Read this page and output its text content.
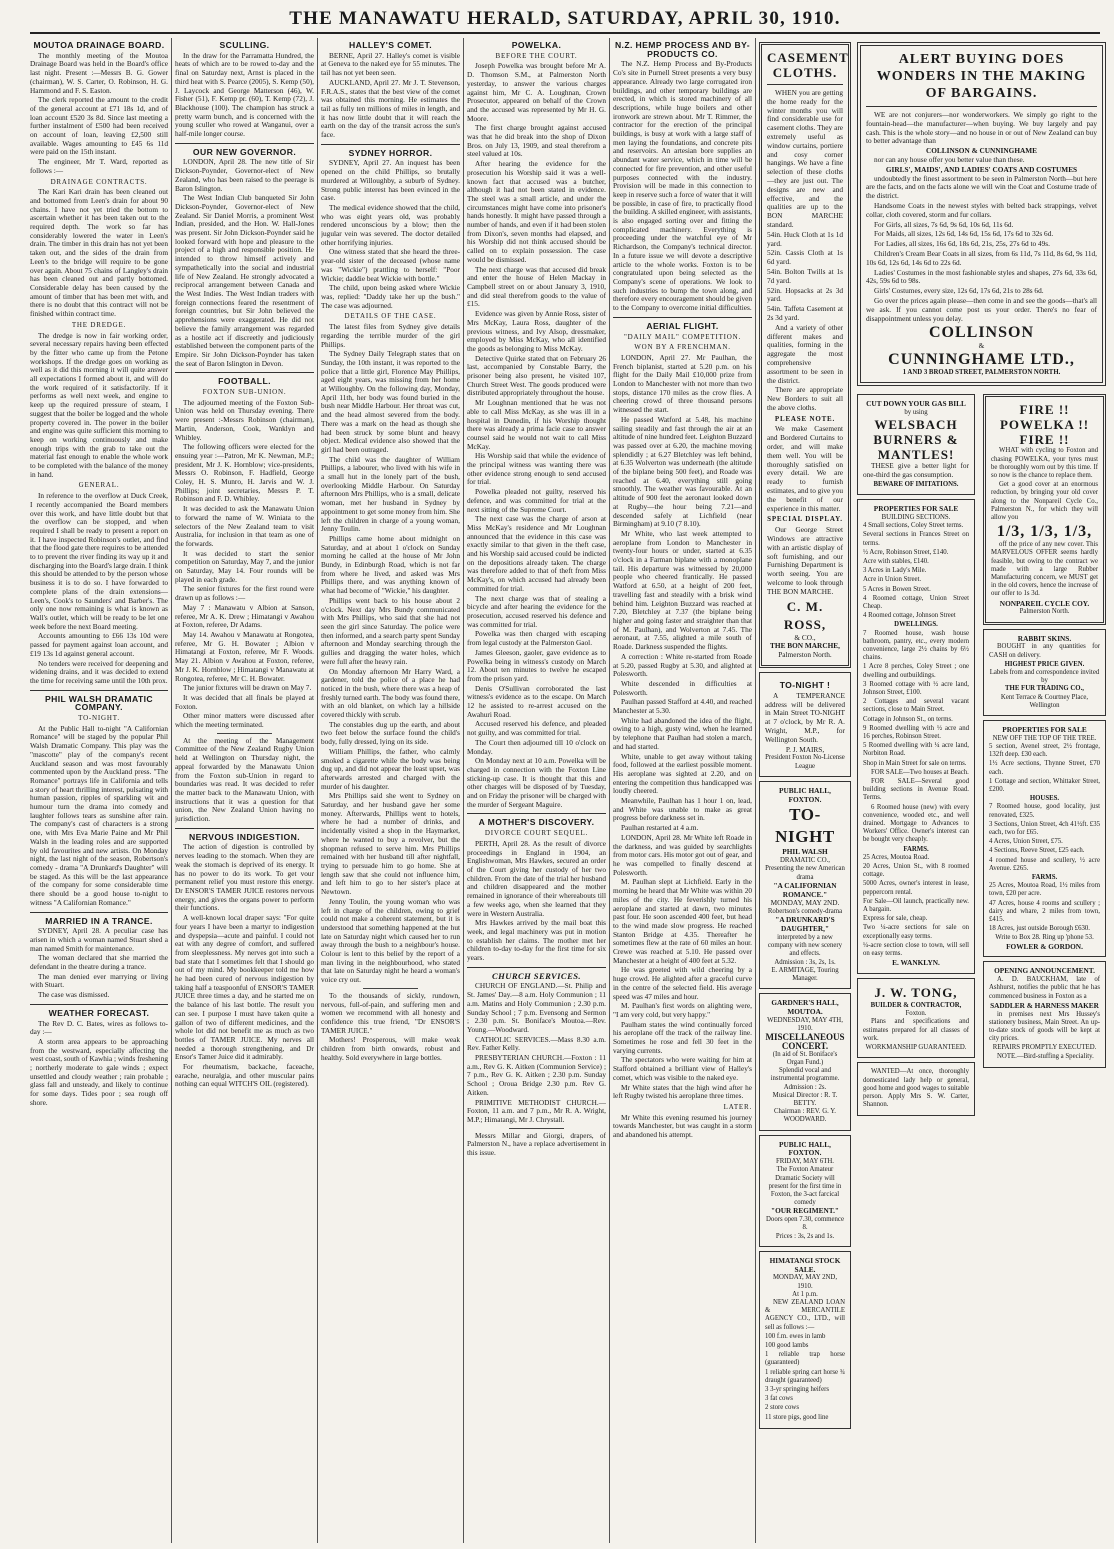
THE MANAWATU HERALD, SATURDAY, APRIL 30, 1910.
MOUTOA DRAINAGE BOARD.

The monthly meeting of the Moutoa Drainage Board was held in the Board's office last night. Present :—Messrs B. G. Gower (chairman), W. S. Carter, O. Robinson, H. G. Hammond and F. S. Easton.

The clerk reported the amount to the credit of the general account at £71 18s 1d, and of loan account £520 3s 8d. Since last meeting a further instalment of £500 had been received on account of loan, leaving £2,500 still available. Wages amounting to £45 6s 11d were paid on the 15th instant.

The engineer, Mr T. Ward, reported as follows :—

DRAINAGE CONTRACTS.

The Kari Kari drain has been cleaned out and bottomed from Leen's drain for about 90 chains. I have not yet tried the bottom to ascertain whether it has been taken out to the required depth. The work so far has considerably lowered the water in Leen's drain. The timber in this drain has not yet been taken out, and the sides of the drain from Leen's to the bridge will require to be gone over again. About 75 chains of Langley's drain has been cleaned out and partly bottomed. Considerable delay has been caused by the amount of timber that has been met with, and there is no doubt that this contract will not be finished within contract time.

THE DREDGE.

The dredge is now in fair working order, several necessary repairs having been effected by the fitter who came up from the Petone workshops. If the dredge goes on working as well as it did this morning it will quite answer all expectations I formed about it, and will do the work required of it satisfactorily. If it performs as well next week, and engine to keep up the required pressure of steam, I suggest that the boiler be logged and the whole property covered in. The power in the boiler and engine was quite sufficient this morning to keep on working continuously and make enough trips with the grab to take out the material fast enough to enable the whole work to be completed with the balance of the money in hand.

GENERAL.

In reference to the overflow at Duck Creek, I recently accompanied the Board members over this work, and have little doubt but that the overflow can be stopped, and when required I shall be ready to present a report on it. I have inspected Robinson's outlet, and find that the flood gate there requires to be attended to to prevent the river finding its way up it and discharging into the Board's large drain. I think this should be attended to by the person whose business it is to do so. I have forwarded to complete plans of the drain extensions—Leen's, Cook's to Saunders' and Barber's. The only one now remaining is what is known as Wall's outlet, which will be ready to be let one week before the next Board meeting.

Accounts amounting to £66 13s 10d were passed for payment against loan account, and £19 13s 1d against general account.

No tenders were received for deepening and widening drains, and it was decided to extend the time for receiving same until the 10th prox.

PHIL WALSH DRAMATIC COMPANY.
TO-NIGHT.

At the Public Hall to-night "A Californian Romance" will be staged by the popular Phil Walsh Dramatic Company. This play was the "mascotte" play of the company's recent Auckland season and was most favourably commented upon by the Auckland press. "The Romance" portrays life in California and tells a story of heart thrilling interest, pulsating with human passion, ripples of sparkling wit and humour turn the drama into comedy and laughter follows tears as sunshine after rain. The company's cast of characters is a strong one, with Mrs Eva Marie Paine and Mr Phil Walsh in the leading roles and are supported by old favourites and new artists. On Monday night, the last night of the season, Robertson's comedy - drama "A Drunkard's Daughter" will be staged. As this will be the last appearance of the company for some considerable time there should be a good house to-night to witness "A Californian Romance."

MARRIED IN A TRANCE.

SYDNEY, April 28. A peculiar case has arisen in which a woman named Stuart shed a man named Smith for maintenance.

The woman declared that she married the defendant in the theatre during a trance.

The man denied ever marrying or living with Stuart.

The case was dismissed.

WEATHER FORECAST.

The Rev D. C. Bates, wires as follows to-day :—

A storm area appears to be approaching from the westward, especially affecting the west coast, south of Kawhia ; winds freshening ; northerly moderate to gale winds ; expect unsettled and cloudy weather ; rain probable ; glass fall and unsteady, and likely to continue for some days. Tides poor ; sea rough off shore.

SCULLING.

In the draw for the Parramatta Hundred, the heats of which are to be rowed to-day and the final on Saturday next, Arnst is placed in the third heat with S. Pearce (2005), S. Kemp (50), J. Laycock and George Matterson (46), W. Fisher (51), F. Kemp pr. (60), T. Kemp (72), J. Blackhouse (100). The champion has struck a pretty warm bunch, and is concerned with the young sculler who rowed at Wanganui, over a half-mile longer course.

OUR NEW GOVERNOR.

LONDON, April 28. The new title of Sir Dickson-Poynder, Governor-elect of New Zealand, who has been raised to the peerage is Baron Islington.

The West Indian Club banqueted Sir John Dickson-Poynder, Governor-elect of New Zealand. Sir Daniel Morris, a prominent West Indian, presided, and the Hon. W. Hall-Jones was present. Sir John Dickson-Poynder said he looked forward with hope and pleasure to the project of a high and responsible position. He intended to throw himself actively and sympathetically into the social and industrial life of New Zealand. He strongly advocated a reciprocal arrangement between Canada and the West Indies. The West Indian traders with foreign connections feared the resentment of foreign countries, but Sir John believed the apprehensions were exaggerated. He did not believe the family arrangement was regarded as a hostile act if discreetly and judiciously established between the component parts of the Empire. Sir John Dickson-Poynder has taken the seat of Baron Islington in Devon.

FOOTBALL.
FOXTON SUB-UNION.

The adjourned meeting of the Foxton Sub-Union was held on Thursday evening. There were present :-Messrs Robinson (chairman), Martin, Anderson, Cook, Wanklyn and Whibley.

The following officers were elected for the ensuing year :—Patron, Mr K. Newman, M.P.; president, Mr J. K. Hornblow; vice-presidents, Messrs O. Robinson, F. Hadfield, George Coley, H. S. Munro, H. Jarvis and W. J. Phillips; joint secretaries, Messrs P. T. Robinson and F. D. Whibley.

It was decided to ask the Manawatu Union to forward the name of W. Winiata to the selectors of the New Zealand team to visit Australia, for inclusion in that team as one of the forwards.

It was decided to start the senior competition on Saturday, May 7, and the junior on Saturday, May 14. Four rounds will be played in each grade.

The senior fixtures for the first round were drawn up as follows :—

May 7 : Manawatu v Albion at Sanson, referee, Mr A. K. Drew ; Himatangi v Awahou at Foxton, referee, Dr Adams.

May 14. Awahou v Manawatu at Rongotea, referee, Mr G. H. Bowater ; Albion v Himatangi at Foxton, referee, Mr F. Woods. May 21. Albion v Awahou at Foxton, referee, Mr J. K. Hornblow ; Himatangi v Manawatu at Rongotea, referee, Mr C. H. Bowater.

The junior fixtures will be drawn on May 7.

It was decided that all finals be played at Foxton.

Other minor matters were discussed after which the meeting terminated.

At the meeting of the Management Committee of the New Zealand Rugby Union held at Wellington on Thursday night, the appeal forwarded by the Manawatu Union from the Foxton sub-Union in regard to boundaries was read. It was decided to refer the matter back to the Manawatu Union, with instructions that it was a question for that union, the New Zealand Union having no jurisdiction.

NERVOUS INDIGESTION.

The action of digestion is controlled by nerves leading to the stomach. When they are weak the stomach is deprived of its energy. It has no power to do its work. To get vour permanent relief you must restore this energy. Dr ENSOR'S TAMER JUICE restores nervous energy, and gives the organs power to perform their functions.

A well-known local draper says: "For quite four years I have been a martyr to indigestion and dyspepsia—acute and painful. I could not eat with any degree of comfort, and suffered from sleeplessness. My nerves got into such a bad state that I sometimes felt that I should go out of my mind. My bookkeeper told me how he had been cured of nervous indigestion by taking half a teaspoonful of ENSOR'S TAMER JUICE three times a day, and he started me on the balance of his last bottle. The result you can see. I purpose I must have taken quite a gallon of two of different medicines, and the whole lot did not benefit me as much as two bottles of TAMER JUICE. My nerves all needed a thorough strengthening, and Dr Ensor's Tamer Juice did it admirably.

For rheumatism, backache, faceache, earache, neuralgia, and other muscular pains nothing can equal WITCH'S OIL (registered).

HALLEY'S COMET.

BERNE, April 27. Halley's comet is visible at Geneva to the naked eye for 55 minutes. The tail has not yet been seen.

AUCKLAND, April 27. Mr J. T. Stevenson, F.R.A.S., states that the best view of the comet was obtained this morning. He estimates the tail as fully ten millions of miles in length, and it has now little doubt that it will reach the earth on the day of the transit across the sun's face.

SYDNEY HORROR.

SYDNEY, April 27. An inquest has been opened on the child Phillips, so brutally murdered at Willoughby, a suburb of Sydney. Strong public interest has been evinced in the case.

The medical evidence showed that the child, who was eight years old, was probably rendered unconscious by a blow; then the jugular vein was severed. The doctor detailed other horrifying injuries.

One witness stated that she heard the three-year-old sister of the deceased (whose name was "Wickie") prattling to herself: "Poor Wickie; daddie beat Wickie with bottle."

The child, upon being asked where Wickie was, replied: "Daddy take her up the bush." The case was adjourned.

DETAILS OF THE CASE.

The latest files from Sydney give details regarding the terrible murder of the girl Phillips.

The Sydney Daily Telegraph states that on Sunday, the 10th instant, it was reported to the police that a little girl, Florence May Phillips, aged eight years, was missing from her home at Willoughby. On the following day, Monday, April 11th, her body was found buried in the bush near Middle Harbour. Her throat was cut, and the head almost severed from the body. There was a mark on the head as though she had been struck by some blunt and heavy object. Medical evidence also showed that the girl had been outraged.

The child was the daughter of William Phillips, a labourer, who lived with his wife in a small hut in the lonely part of the bush, overlooking Middle Harbour. On Saturday afternoon Mrs Phillips, who is a small, delicate woman, met her husband in Sydney by appointment to get some money from him. She left the children in charge of a young woman, Jenny Toulin.

Phillips came home about midnight on Saturday, and at about 1 o'clock on Sunday morning he called at the house of Mr John Bundy, in Edinburgh Road, which is not far from where he lived, and asked was Mrs Phillips there, and was anything known of what had become of "Wickie," his daughter.

Phillips went back to his house about 2 o'clock. Next day Mrs Bundy communicated with Mrs Phillips, who said that she had not seen the girl since Saturday. The police were then informed, and a search party spent Sunday afternoon and Monday searching through the gullies and dragging the water holes, which were full after the heavy rain.

On Monday afternoon Mr Harry Ward, a gardener, told the police of a place he had noticed in the bush, where there was a heap of freshly turned earth. The body was found there, with an old blanket, on which lay a hillside covered thickly with scrub.

The constables dug up the earth, and about two feet below the surface found the child's body, fully dressed, lying on its side.

William Phillips, the father, who calmly smoked a cigarette while the body was being dug up, and did not appear the least upset, was afterwards arrested and charged with the murder of his daughter.

Mrs Phillips said she went to Sydney on Saturday, and her husband gave her some money. Afterwards, Phillips went to hotels, where he had a number of drinks, and incidentally visited a shop in the Haymarket, where he wanted to buy a revolver, but the shopman refused to serve him. Mrs Phillips remained with her husband till after nightfall, trying to persuade him to go home. She at length saw that she could not influence him, and left him to go to her sister's place at Newtown.

Jenny Toulin, the young woman who was left in charge of the children, owing to grief could not make a coherent statement, but it is understood that something happened at the hut late on Saturday night which caused her to run away through the bush to a neighbour's house. Colour is lent to this belief by the report of a man living in the neighbourhood, who stated that late on Saturday night he heard a woman's voice cry out.

To the thousands of sickly, rundown, nervous, full-of-pain, and suffering men and women we recommend with all honesty and confidence this true friend, "Dr ENSOR'S TAMER JUICE."

Mothers! Prosperous, will make weak children from birth onwards, robust and healthy. Sold everywhere in large bottles.

POWELKA.
BEFORE THE COURT.

Joseph Powelka was brought before Mr A. D. Thomson S.M., at Palmerston North yesterday, to answer the various charges against him, Mr C. A. Loughnan, Crown Prosecutor, appeared on behalf of the Crown and the accused was represented by Mr H. G. Moore.

The first charge brought against accused was that he did break into the shop of Dixon Bros. on July 13, 1909, and steal therefrom a steel valued at 10s.

After hearing the evidence for the prosecution his Worship said it was a well-known fact that accused was a butcher, although it had not been stated in evidence. The steel was a small article, and under the circumstances might have come into prisoner's hands honestly. It might have passed through a number of hands, and even if it had been stolen from Dixon's, seven months had elapsed, and his Worship did not think accused should be called on to explain possession. The case would be dismissed.

The next charge was that accused did break and enter the house of Helen Mackay in Campbell street on or about January 3, 1910, and did steal therefrom goods to the value of £15.

Evidence was given by Annie Ross, sister of Mrs McKay, Laura Ross, daughter of the previous witness, and Ivy Alsop, dressmaker, employed by Miss McKay, who all identified the goods as belonging to Miss McKay.

Detective Quirke stated that on February 26 last, accompanied by Constable Barry, the prisoner being also present, he visited 107, Church Street West. The goods produced were distributed appropriately throughout the house.

Mr Loughnan mentioned that he was not able to call Miss McKay, as she was ill in a hospital in Dunedin, if his Worship thought there was already a prima facie case to answer counsel said he would not wait to call Miss McKay.

His Worship said that while the evidence of the principal witness was wanting there was other evidence strong enough to send accused for trial.

Powelka pleaded not guilty, reserved his defence, and was committed for trial at the next sitting of the Supreme Court.

The next case was the charge of arson at Miss McKay's residence and Mr Loughnan announced that the evidence in this case was exactly similar to that given in the theft case, and his Worship said accused could be indicted on the depositions already taken. The charge was therefore added to that of theft from Miss McKay's, on which accused had already been committed for trial.

The next charge was that of stealing a bicycle and after hearing the evidence for the prosecution, accused reserved his defence and was committed for trial.

Powelka was then charged with escaping from legal custody at the Palmerston Gaol.

James Gleeson, gaoler, gave evidence as to Powelka being in witness's custody on March 12. About ten minutes to twelve he escaped from the prison yard.

Denis O'Sullivan corroborated the last witness's evidence as to the escape. On March 12 he assisted to re-arrest accused on the Awahuri Road.

Accused reserved his defence, and pleaded not guilty, and was committed for trial.

The Court then adjourned till 10 o'clock on Monday.

On Monday next at 10 a.m. Powelka will be charged in connection with the Foxton Line sticking-up case. It is thought that this and other charges will be disposed of by Tuesday, and on Friday the prisoner will be charged with the murder of Sergeant Maguire.

A MOTHER'S DISCOVERY.
DIVORCE COURT SEQUEL.

PERTH, April 28. As the result of divorce proceedings in England in 1904, an Englishwoman, Mrs Hawkes, secured an order of the Court giving her custody of her two children. From the date of the trial her husband and children disappeared and the mother remained in ignorance of their whereabouts till a few weeks ago, when she learned that they were in Western Australia.

Mrs Hawkes arrived by the mail boat this week, and legal machinery was put in motion to establish her claims. The mother met her children to-day to-day for the first time for six years.

CHURCH SERVICES.

CHURCH OF ENGLAND.—St. Philip and St. James' Day.—8 a.m. Holy Communion ; 11 a.m. Matins and Holy Communion ; 2.30 p.m. Sunday School ; 7 p.m. Evensong and Sermon ; 2.30 p.m. St. Boniface's Moutoa.—Rev. Young.—Woodward.

CATHOLIC SERVICES.—Mass 8.30 a.m. Rev. Father Kelly.

PRESBYTERIAN CHURCH.—Foxton : 11 a.m., Rev G. K. Aitken (Communion Service) ; 7 p.m., Rev G. K. Aitken ; 2.30 p.m. Sunday School ; Oroua Bridge 2.30 p.m. Rev G. Aitken.

PRIMITIVE METHODIST CHURCH.—Foxton, 11 a.m. and 7 p.m., Mr R. A. Wright, M.P.; Himatangi, Mr J. Chrystall.

Messrs Millar and Giorgi, drapers, of Palmerston N., have a replace advertisement in this issue.

N.Z. HEMP PROCESS AND BY-PRODUCTS CO.

The N.Z. Hemp Process and By-Products Co's site in Purnell Street presents a very busy appearance. Already two large corrugated iron buildings, and other temporary buildings are erected, in which is stored machinery of all descriptions, while huge boilers and other ironwork are strewn about. Mr T. Rimmer, the contractor for the erection of the principal buildings, is busy at work with a large staff of men laying the foundations, and concrete pits and reservoirs. An artesian bore supplies an abundant water service, which in time will be connected for fire prevention, and other useful purposes connected with the industry. Provision will be made in this connection to keep in reserve such a force of water that it will be possible, in case of fire, to practically flood the building. A skilled engineer, with assistants, is also engaged sorting over and fitting the complicated machinery. Everything is proceeding under the watchful eye of Mr Richardson, the Company's technical director. In a future issue we will devote a descriptive article to the whole works. Foxton is to be congratulated upon being selected as the Company's scene of operations. We look to such industries to bump the town along, and therefore every encouragement should be given to the Company to overcome initial difficulties.

AERIAL FLIGHT.
"DAILY MAIL" COMPETITION.
WON BY A FRENCHMAN.

LONDON, April 27. Mr Paulhan, the French biplanist, started at 5.20 p.m. on his flight for the Daily Mail £10,000 prize from London to Manchester with not more than two stops, distance 170 miles as the crow flies. A cheering crowd of three thousand persons witnessed the start.

He passed Watford at 5.48, his machine sailing steadily and fast through the air at an altitude of nine hundred feet. Leighton Buzzard was passed over at 6.20, the machine moving splendidly ; at 6.27 Bletchley was left behind, at 6.35 Wolverton was underneath (the altitude of the biplane being 500 feet), and Roade was reached at 6.40, everything still going smoothly. The weather was favourable. At an altitude of 900 feet the aeronaut looked down at Rugby—the hour being 7.21—and descended safely at Lichfield (near Birmingham) at 9.10 (7 8.10).

Mr White, who last week attempted to aeroplane from London to Manchester in twenty-four hours or under, started at 6.35 o'clock in a Farman biplane with a monoplane tail. His departure was witnessed by 20,000 people who cheered frantically. He passed Watford at 6.50, at a height of 200 feet, travelling fast and steadily with a brisk wind behind him. Leighton Buzzard was reached at 7.20, Bletchley at 7.37 (the biplane being higher and going faster and straighter than that of M. Paulhan), and Wolverton at 7.45. The aeronaut, at 7.55, alighted a mile south of Roade. Darkness suspended the flights.

A correction : White re-started from Roade at 5.20, passed Rugby at 5.30, and alighted at Polesworth.

White descended in difficulties at Polesworth.

Paulhan passed Stafford at 4.40, and reached Manchester at 5.30.

White had abandoned the idea of the flight, owing to a high, gusty wind, when he learned by telephone that Paulhan had stolen a march, and had started.

White, unable to get away without taking food, followed at the earliest possible moment. His aeroplane was sighted at 2.20, and on entering the competition thus handicapped was loudly cheered.

Meanwhile, Paulhan has 1 hour 1 on, lead, and White was unable to make as great progress before darkness set in.

Paulhan restarted at 4 a.m.

LONDON, April 28. Mr White left Roade in the darkness, and was guided by searchlights from motor cars. His motor got out of gear, and he was compelled to finally descend at Polesworth.

M. Paulhan slept at Lichfield. Early in the morning he heard that Mr White was within 20 miles of the city. He feverishly turned his aeroplane and started at dawn, two minutes past four. He soon ascended 400 feet, but head to the wind made slow progress. He reached Stanton Bridge at 4.35. Thereafter he sometimes flew at the rate of 60 miles an hour. Crewe was reached at 5.10. He passed over Manchester at a height of 400 feet at 5.32.

He was greeted with wild cheering by a huge crowd. He alighted after a graceful curve in the centre of the selected field. His average speed was 47 miles and hour.

M. Paulhan's first words on alighting were, "I am very cold, but very happy."

Paulham states the wind continually forced his aeroplane off the track of the railway line. Sometimes he rose and fell 30 feet in the varying currents.

The spectators who were waiting for him at Stafford obtained a brilliant view of Halley's comet, which was visible to the naked eye.

Mr White states that the high wind after he left Rugby twisted his aeroplane three times.

LATER.

Mr White this evening resumed his journey towards Manchester, but was caught in a storm and abandoned his attempt.

CASEMENT CLOTHS.

WHEN you are getting the home ready for the winter months you will find considerable use for casement cloths. They are extremely useful as window curtains, portiere and cosy corner hangings. We have a fine selection of these cloths—they are just out. The designs are new and effective, and the qualities are up to the BON MARCHE standard.

54in. Huck Cloth at 1s 1d yard.
52in. Cassis Cloth at 1s 6d yard.
54in. Bolton Twills at 1s 7d yard.
52in. Hopsacks at 2s 3d yard.
54in. Taffeta Casement at 2s 3d yard.

And a variety of other different makes and qualities, forming in the aggregate the most comprehensive assortment to be seen in the district.

There are appropriate New Borders to suit all the above cloths.

PLEASE NOTE.

We make Casement and Bordered Curtains to order, and will make them well. You will be thoroughly satisfied on every detail. We are ready to furnish estimates, and to give you the benefit of our experience in this matter.

SPECIAL DISPLAY.

Our George Street Windows are attractive with an artistic display of soft furnishing, and our Furnishing Department is worth seeing. You are welcome to look through THE BON MARCHE.

C. M. ROSS,
& CO.,
THE BON MARCHE,
Palmerston North.
TO-NIGHT !

A TEMPERANCE address will be delivered in Main Street TO-NIGHT at 7 o'clock, by Mr R. A. Wright, M.P., for Wellington South.

P. J. MAIRS,
President Foxton No-License League
PUBLIC HALL, FOXTON.
TO-NIGHT
PHIL WALSH
DRAMATIC CO.,
Presenting the new American drama
"A CALIFORNIAN ROMANCE."
MONDAY, MAY 2ND.
Robertson's comedy-drama
"A DRUNKARD'S DAUGHTER,"
interpreted by a new company with new scenery and effects.
Admission : 3s, 2s, 1s.
E. ARMITAGE, Touring Manager.
GARDNER'S HALL, MOUTOA.
WEDNESDAY, MAY 4TH, 1910.
MISCELLANEOUS CONCERT.
(In aid of St. Boniface's Organ Fund.)
Splendid vocal and instrumental programme.
Admission : 2s.
Musical Director : R. T. BETTY.
Chairman : REV. G. Y. WOODWARD.
PUBLIC HALL, FOXTON.
FRIDAY, MAY 6TH.
The Foxton Amateur Dramatic Society will present for the first time in Foxton, the 3-act farcical comedy
"OUR REGIMENT."
Doors open 7.30, commence 8.
Prices : 3s, 2s and 1s.
HIMATANGI STOCK SALE.
MONDAY, MAY 2ND, 1910.
At 1 p.m.

NEW ZEALAND LOAN & MERCANTILE AGENCY CO., LTD., will sell as follows :—

100 f.m. ewes in lamb
100 good lambs
1 reliable trap horse (guaranteed)
1 reliable spring cart horse ¾ draught (guaranteed)
3 3-yr springing heifers
3 fat cows
2 store cows
11 store pigs, good line
ALERT BUYING DOES WONDERS IN THE MAKING OF BARGAINS.

WE are not conjurers—nor wonderworkers. We simply go right to the fountain-head—the manufacturer—when buying. We buy largely and pay cash. This is the whole story—and no house in or out of New Zealand can buy to better advantage than

COLLINSON & CUNNINGHAME

nor can any house offer you better value than these.

GIRLS', MAIDS', AND LADIES' COATS AND COSTUMES

undoubtedly the finest assortment to be seen in Palmerston North—but here are the facts, and on the facts alone we will win the Coat and Costume trade of the district.

Handsome Coats in the newest styles with belted back strappings, velvet collar, cloth covered, storm and fur collars.

For Girls, all sizes, 7s 6d, 9s 6d, 10s 6d, 11s 6d.

For Maids, all sizes, 12s 6d, 14s 6d, 15s 6d, 17s 6d to 32s 6d.

For Ladies, all sizes, 16s 6d, 18s 6d, 21s, 25s, 27s 6d to 49s.

Children's Cream Bear Coats in all sizes, from 6s 11d, 7s 11d, 8s 6d, 9s 11d, 10s 6d, 12s 6d, 14s 6d to 22s 6d.

Ladies' Costumes in the most fashionable styles and shapes, 27s 6d, 33s 6d, 42s, 59s 6d to 98s.

Girls' Costumes, every size, 12s 6d, 17s 6d, 21s to 28s 6d.

Go over the prices again please—then come in and see the goods—that's all we ask. If you cannot come post us your order. There's no fear of disappointment unless you delay.

COLLINSON
&
CUNNINGHAME LTD.,
1 AND 3 BROAD STREET, PALMERSTON NORTH.
CUT DOWN YOUR GAS BILL
by using
WELSBACH BURNERS & MANTLES!

THESE give a better light for one-third the gas consumption.

BEWARE OF IMITATIONS.
PROPERTIES FOR SALE
BUILDING SECTIONS.
4 Small sections, Coley Street terms.
Several sections in Frances Street on terms.
½ Acre, Robinson Street, £140.
Acre with stables, £140.
3 Acres in Lady's Mile.
Acre in Union Street.
5 Acres in Bowen Street.
4 Roomed cottage, Union Street Cheap.
4 Roomed cottage, Johnson Street
DWELLINGS.
7 Roomed house, wash house bathroom, pantry, etc., every modern convenience, large 2½ chains by 6½ chains.
1 Acre 8 perches, Coley Street ; one dwelling and outbuildings.
3 Roomed cottage with ½ acre land, Johnson Street, £100.
2 Cottages and several vacant sections, close to Main Street.
Cottage in Johnson St., on terms.
9 Roomed dwelling with ½ acre and 16 perches, Robinson Street.
5 Roomed dwelling with ¼ acre land, Norbiton Road.
Shop in Main Street for sale on terms.

FOR SALE—Two houses at Beach.

FOR SALE—Several good building sections in Avenue Road. Terms.

6 Roomed house (new) with every convenience, wooded etc., and well drained. Mortgage to Advances to Workers' Office. Owner's interest can be bought very cheaply.

FARMS.
25 Acres, Moutoa Road.
20 Acres, Union St., with 8 roomed cottage.
5000 Acres, owner's interest in lease, peppercorn rental.
For Sale—Oil launch, practically new. A bargain.
Express for sale, cheap.
Two ¼-acre sections for sale on exceptionally easy terms.
¼-acre section close to town, will sell on easy terms.
E. WANKLYN.
J. W. TONG,
BUILDER & CONTRACTOR,
Foxton.

Plans and specifications and estimates prepared for all classes of work.

WORKMANSHIP GUARANTEED.

WANTED—At once, thoroughly domesticated lady help or general, good home and good wages to suitable person. Apply Mrs S. W. Carter, Shannon.

FIRE !! POWELKA !! FIRE !!

WHAT with cycling to Foxton and chasing POWELKA, your tyres must be thoroughly worn out by this time. If so now is the chance to replace them.

Get a good cover at an enormous reduction, by bringing your old cover along to the Nonpareil Cycle Co., Palmerston N., for which they will allow you

1/3, 1/3, 1/3,

off the price of any new cover. This MARVELOUS OFFER seems hardly feasible, but owing to the contract we made with a large Rubber Manufacturing concern, we MUST get in the old covers, hence the increase of our offer to 1s 3d.

NONPAREIL CYCLE COY.
Palmerston North.
RABBIT SKINS.

BOUGHT in any quantities for CASH on delivery.

HIGHEST PRICE GIVEN.
Labels from and correspondence invited by
THE FUR TRADING CO.,
Kent Terrace & Courtney Place, Wellington
PROPERTIES FOR SALE
NEW OFF THE TOP OF THE TREE.
5 section, Avenel street, 2½ frontage, 132ft deep. £30 each.
1½ Acre sections, Thynne Street, £70 each.
1 Cottage and section, Whittaker Street, £200.
HOUSES.
7 Roomed house, good locality, just renovated, £325.
3 Sections, Union Street, 4ch 41½ft. £35 each, two for £65.
4 Acres, Union Street, £75.
4 Sections, Reeve Street, £25 each.
4 roomed house and scullery, ½ acre Avenue. £265.
FARMS.
25 Acres, Moutoa Road, 1½ miles from town, £20 per acre.
47 Acres, house 4 rooms and scullery ; dairy and whare, 2 miles from town, £415.
18 Acres, just outside Borough £630.
Write to Box 28. Ring up 'phone 53.
FOWLER & GORDON.
OPENING ANNOUNCEMENT.

A. D. BAUCKHAM, late of Ashhurst, notifies the public that he has commenced business in Foxton as a

SADDLER & HARNESS MAKER

in premises next Mrs Hussey's stationery business, Main Street. An up-to-date stock of goods will be kept at city prices.

REPAIRS PROMPTLY EXECUTED.

NOTE.—Bird-stuffing a Speciality.
